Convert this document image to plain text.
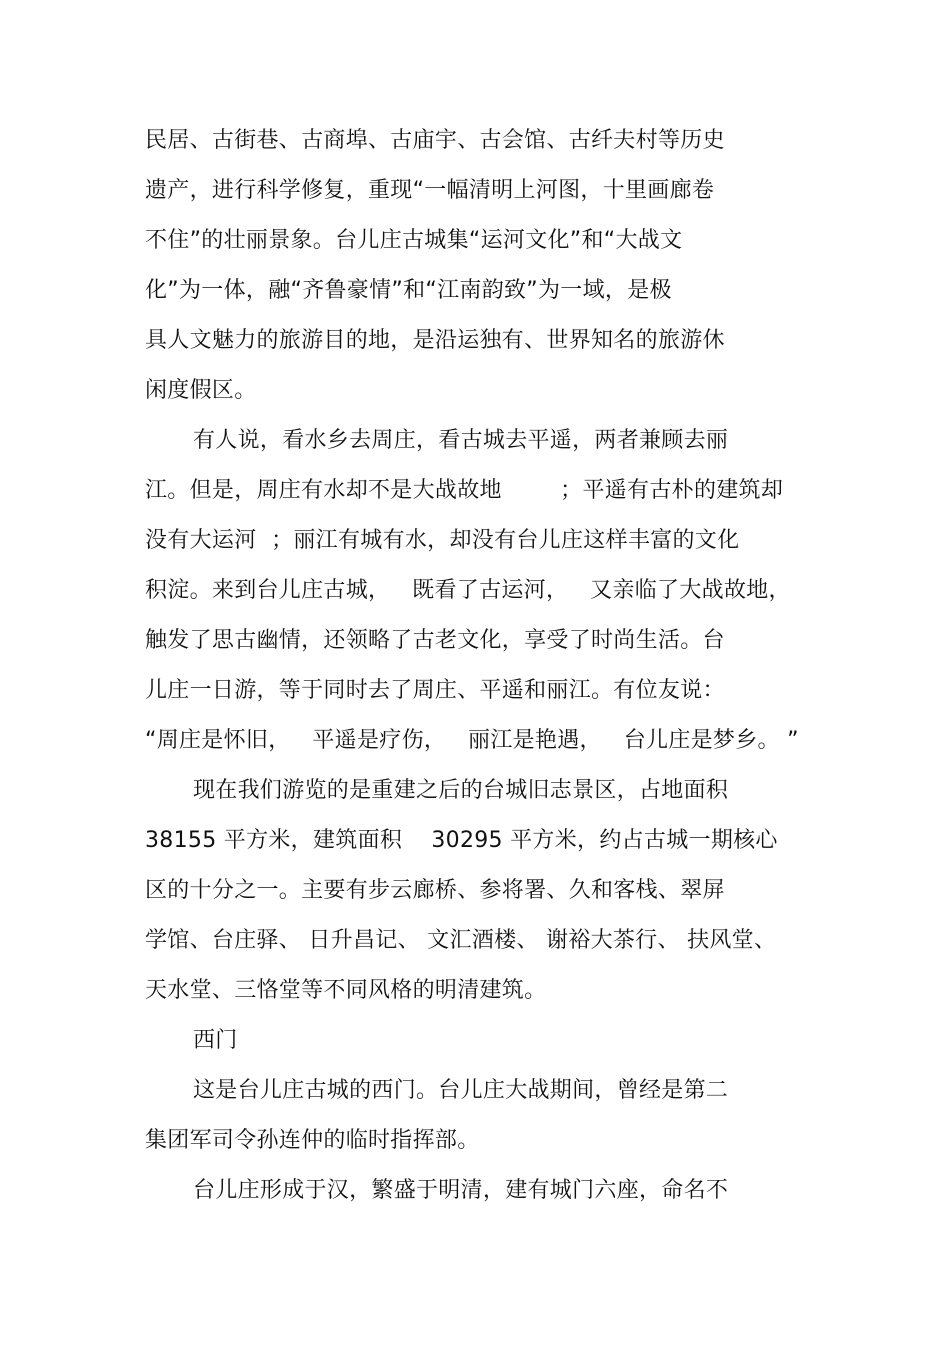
民居、古街巷、古商埠、古庙宇、古会馆、古纤夫村等历史
遗产，进行科学修复，重现“一幅清明上河图，十里画廊卷
不住”的壮丽景象。台儿庄古城集“运河文化”和“大战文
化”为一体，融“齐鲁豪情”和“江南韵致”为一域，是极
具人文魅力的旅游目的地，是沿运独有、世界知名的旅游休
闲度假区。
有人说，看水乡去周庄，看古城去平遥，两者兼顾去丽
江。但是，周庄有水却不是大战故地        ；平遥有古朴的建筑却
没有大运河  ；丽江有城有水，却没有台儿庄这样丰富的文化
积淀。来到台儿庄古城，   既看了古运河，   又亲临了大战故地，
触发了思古幽情，还领略了古老文化，享受了时尚生活。台
儿庄一日游，等于同时去了周庄、平遥和丽江。有位友说：
“周庄是怀旧，   平遥是疗伤，   丽江是艳遇，   台儿庄是梦乡。 ”
现在我们游览的是重建之后的台城旧志景区，占地面积
38155 平方米，建筑面积    30295 平方米，约占古城一期核心
区的十分之一。主要有步云廊桥、参将署、久和客栈、翠屏
学馆、台庄驿、 日升昌记、 文汇酒楼、 谢裕大茶行、 扶风堂、
天水堂、三恪堂等不同风格的明清建筑。
西门
这是台儿庄古城的西门。台儿庄大战期间，曾经是第二
集团军司令孙连仲的临时指挥部。
台儿庄形成于汉，繁盛于明清，建有城门六座，命名不
